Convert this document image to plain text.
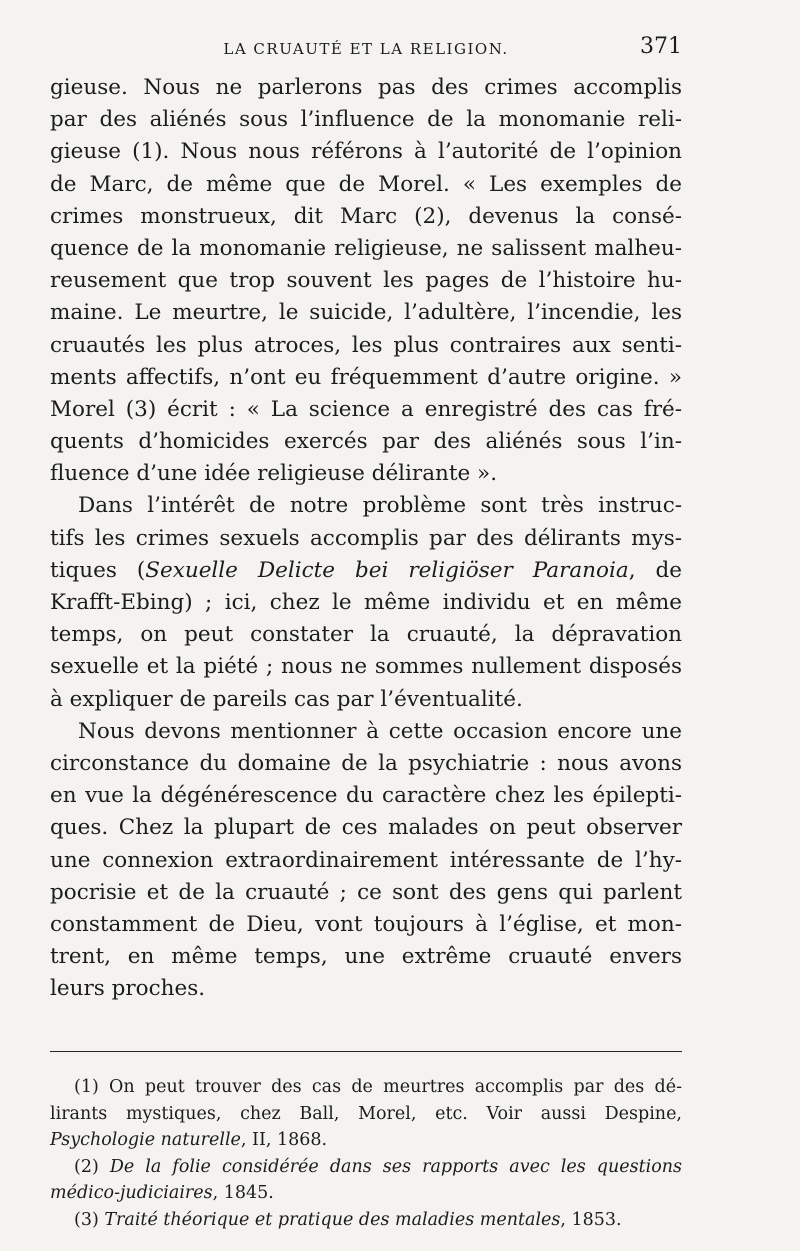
LA CRUAUTÉ ET LA RELIGION.	371
gieuse. Nous ne parlerons pas des crimes accomplis
par des aliénés sous l’influence de la monomanie reli-
gieuse (1). Nous nous référons à l’autorité de l’opinion
de Marc, de même que de Morel. « Les exemples de
crimes monstrueux, dit Marc (2), devenus la consé-
quence de la monomanie religieuse, ne salissent malheu-
reusement que trop souvent les pages de l’histoire hu-
maine. Le meurtre, le suicide, l’adultère, l’incendie, les
cruautés les plus atroces, les plus contraires aux senti-
ments affectifs, n’ont eu fréquemment d’autre origine. »
Morel (3) écrit : « La science a enregistré des cas fré-
quents d’homicides exercés par des aliénés sous l’in-
fluence d’une idée religieuse délirante ».
Dans l’intérêt de notre problème sont très instruc-
tifs les crimes sexuels accomplis par des délirants mys-
tiques (Sexuelle Delicte bei religiöser Paranoia, de
Krafft-Ebing) ; ici, chez le même individu et en même
temps, on peut constater la cruauté, la dépravation
sexuelle et la piété ; nous ne sommes nullement disposés
à expliquer de pareils cas par l’éventualité.
Nous devons mentionner à cette occasion encore une
circonstance du domaine de la psychiatrie : nous avons
en vue la dégénérescence du caractère chez les épilepti-
ques. Chez la plupart de ces malades on peut observer
une connexion extraordinairement intéressante de l’hy-
pocrisie et de la cruauté ; ce sont des gens qui parlent
constamment de Dieu, vont toujours à l’église, et mon-
trent, en même temps, une extrême cruauté envers
leurs proches.
(1) On peut trouver des cas de meurtres accomplis par des dé-
lirants mystiques, chez Ball, Morel, etc. Voir aussi Despine,
Psychologie naturelle, II, 1868.
(2) De la folie considérée dans ses rapports avec les questions
médico-judiciaires, 1845.
(3) Traité théorique et pratique des maladies mentales, 1853.
